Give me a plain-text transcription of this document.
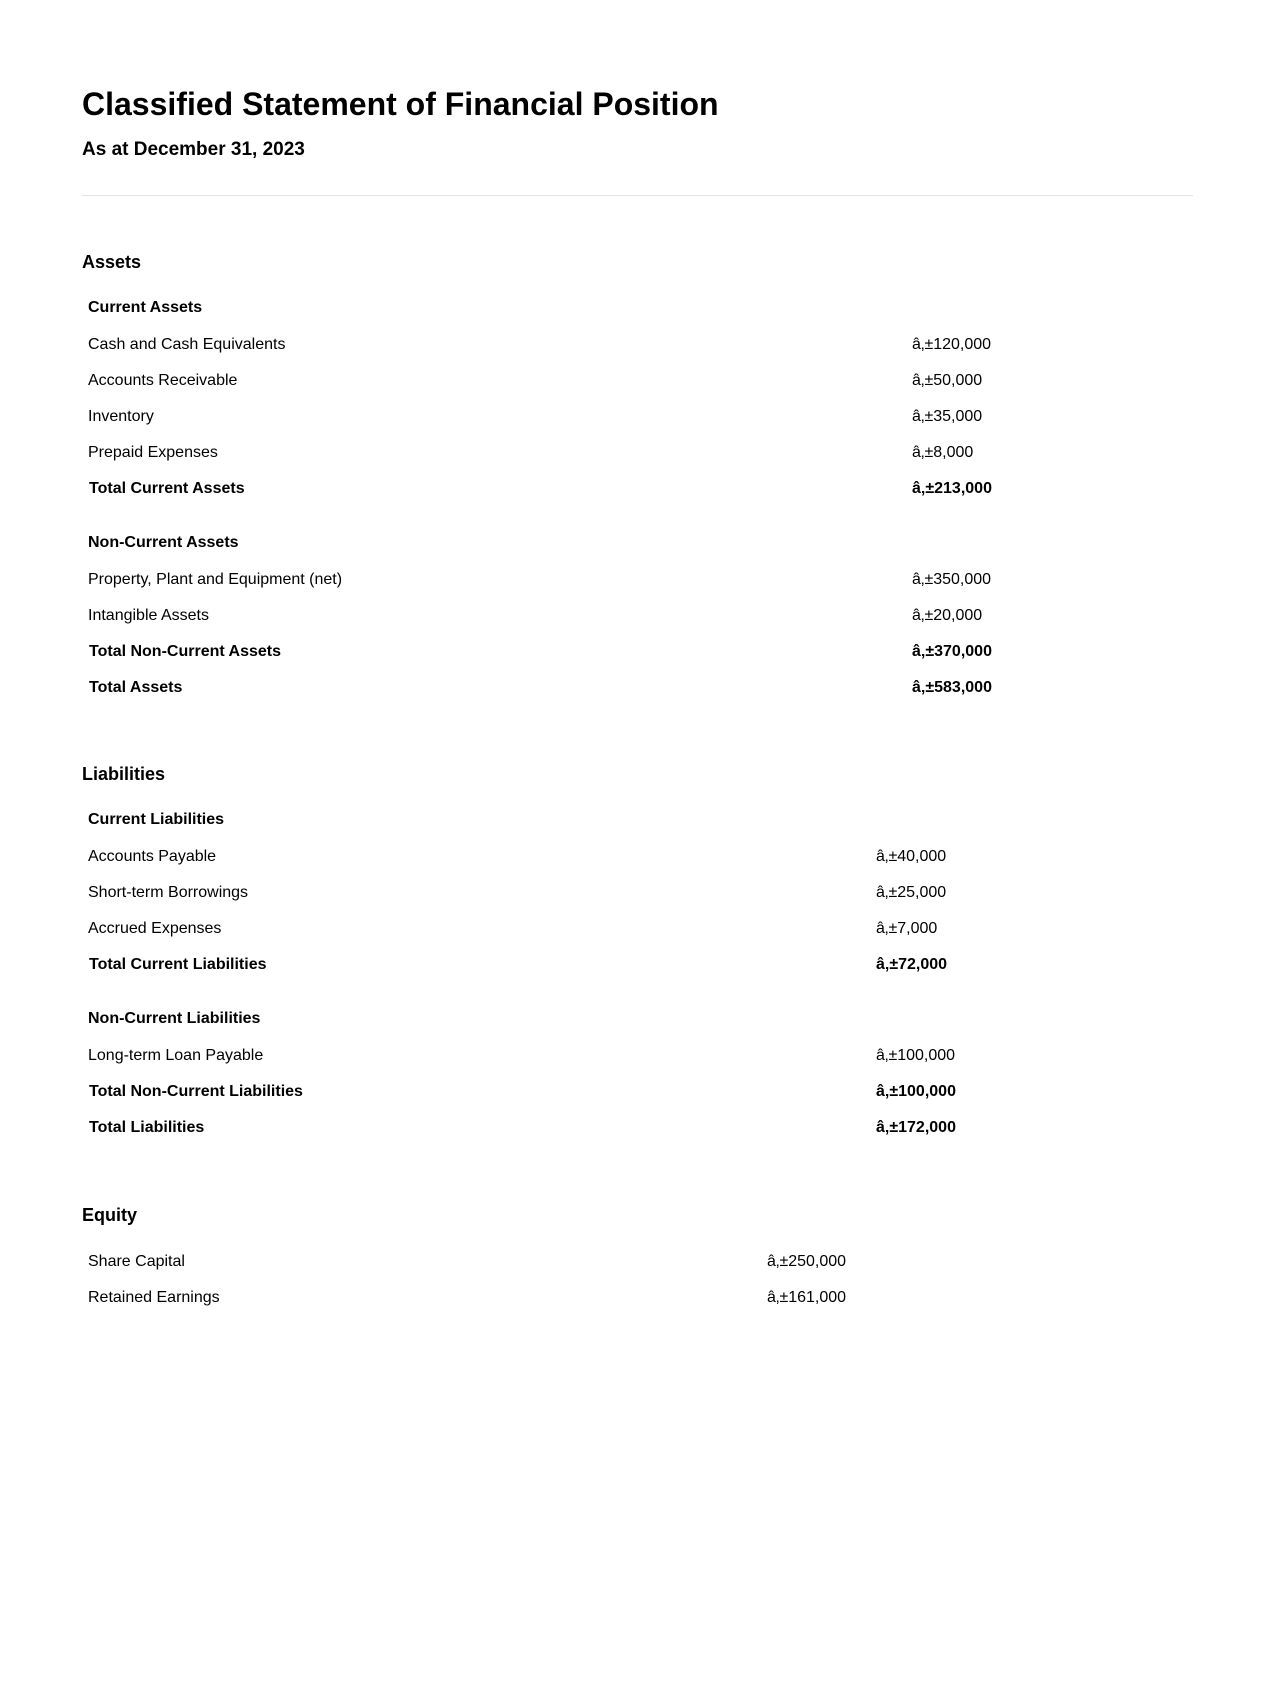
Classified Statement of Financial Position
As at December 31, 2023
Assets
Current Assets
Cash and Cash Equivalents	â‚±120,000
Accounts Receivable	â‚±50,000
Inventory	â‚±35,000
Prepaid Expenses	â‚±8,000
Total Current Assets	â‚±213,000
Non-Current Assets
Property, Plant and Equipment (net)	â‚±350,000
Intangible Assets	â‚±20,000
Total Non-Current Assets	â‚±370,000
Total Assets	â‚±583,000
Liabilities
Current Liabilities
Accounts Payable	â‚±40,000
Short-term Borrowings	â‚±25,000
Accrued Expenses	â‚±7,000
Total Current Liabilities	â‚±72,000
Non-Current Liabilities
Long-term Loan Payable	â‚±100,000
Total Non-Current Liabilities	â‚±100,000
Total Liabilities	â‚±172,000
Equity
Share Capital	â‚±250,000
Retained Earnings	â‚±161,000
